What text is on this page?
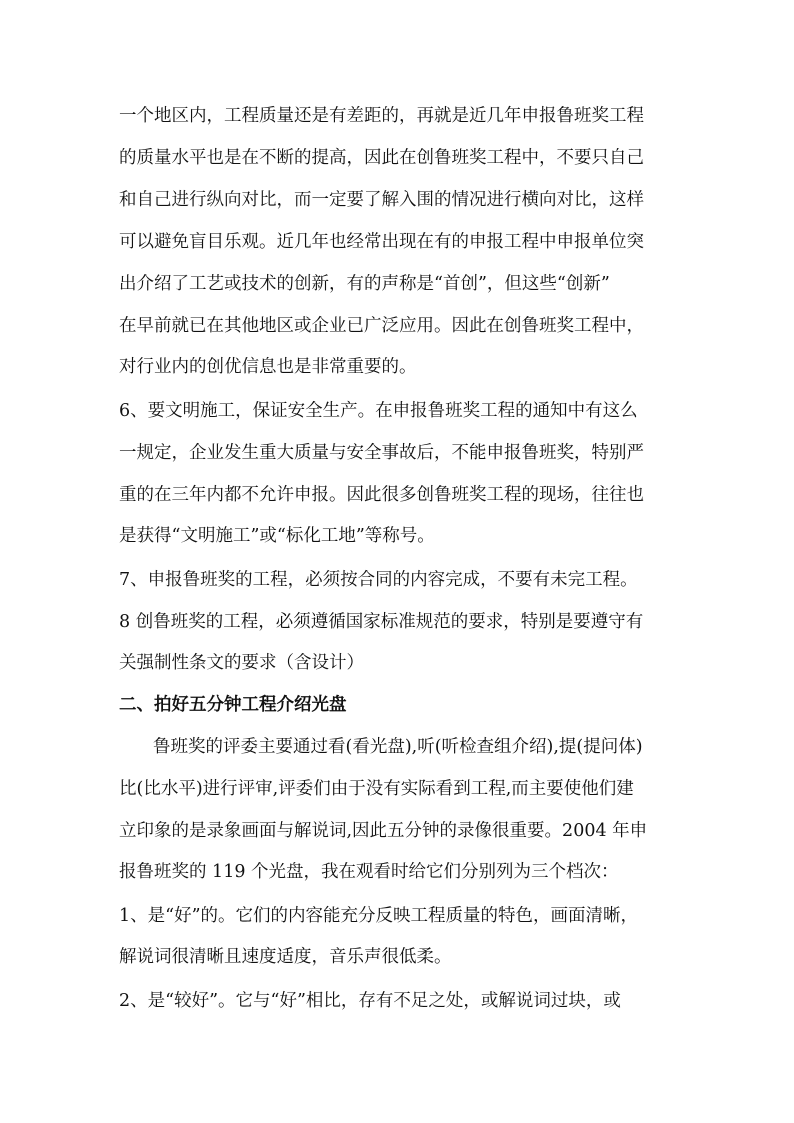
一个地区内，工程质量还是有差距的，再就是近几年申报鲁班奖工程
的质量水平也是在不断的提高，因此在创鲁班奖工程中，不要只自己
和自己进行纵向对比，而一定要了解入围的情况进行横向对比，这样
可以避免盲目乐观。近几年也经常出现在有的申报工程中申报单位突
出介绍了工艺或技术的创新，有的声称是“首创”，但这些“创新”
在早前就已在其他地区或企业已广泛应用。因此在创鲁班奖工程中，
对行业内的创优信息也是非常重要的。
6、要文明施工，保证安全生产。在申报鲁班奖工程的通知中有这么
一规定，企业发生重大质量与安全事故后，不能申报鲁班奖，特别严
重的在三年内都不允许申报。因此很多创鲁班奖工程的现场，往往也
是获得“文明施工”或“标化工地”等称号。
7、申报鲁班奖的工程，必须按合同的内容完成，不要有未完工程。
8 创鲁班奖的工程，必须遵循国家标准规范的要求，特别是要遵守有
关强制性条文的要求（含设计）
二、拍好五分钟工程介绍光盘
鲁班奖的评委主要通过看(看光盘),听(听检查组介绍),提(提问体)
比(比水平)进行评审,评委们由于没有实际看到工程,而主要使他们建
立印象的是录象画面与解说词,因此五分钟的录像很重要。2004 年申
报鲁班奖的 119 个光盘，我在观看时给它们分别列为三个档次：
1、是“好”的。它们的内容能充分反映工程质量的特色，画面清晰，
解说词很清晰且速度适度，音乐声很低柔。
2、是“较好”。它与“好”相比，存有不足之处，或解说词过块，或
